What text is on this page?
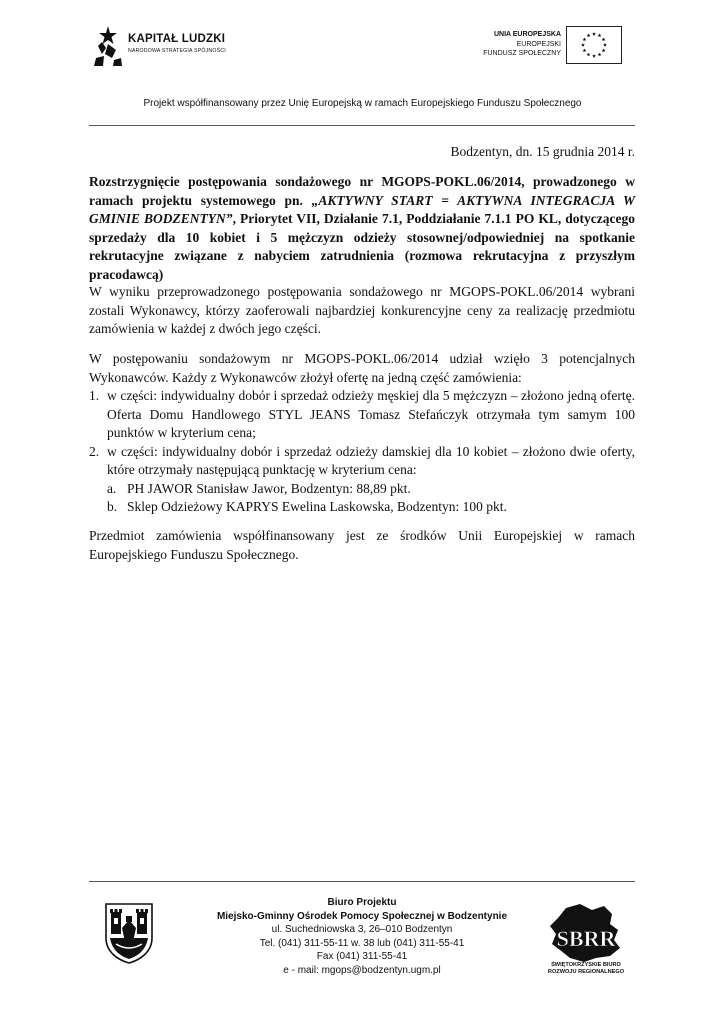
KAPITAŁ LUDZKI
NARODOWA STRATEGIA SPÓJNOŚCI
UNIA EUROPEJSKA
EUROPEJSKI
FUNDUSZ SPOŁECZNY
Projekt współfinansowany przez Unię Europejską w ramach Europejskiego Funduszu Społecznego
Bodzentyn, dn. 15 grudnia 2014 r.
Rozstrzygnięcie postępowania sondażowego nr MGOPS-POKL.06/2014, prowadzonego w ramach projektu systemowego pn. „AKTYWNY START = AKTYWNA INTEGRACJA W GMINIE BODZENTYN”, Priorytet VII, Działanie 7.1, Poddziałanie 7.1.1 PO KL, dotyczącego sprzedaży dla 10 kobiet i 5 mężczyzn odzieży stosownej/odpowiedniej na spotkanie rekrutacyjne związane z nabyciem zatrudnienia (rozmowa rekrutacyjna z przyszłym pracodawcą)
W wyniku przeprowadzonego postępowania sondażowego nr MGOPS-POKL.06/2014 wybrani zostali Wykonawcy, którzy zaoferowali najbardziej konkurencyjne ceny za realizację przedmiotu zamówienia w każdej z dwóch jego części.
W postępowaniu sondażowym nr MGOPS-POKL.06/2014 udział wzięło 3 potencjalnych Wykonawców. Każdy z Wykonawców złożył ofertę na jedną część zamówienia:
1. w części: indywidualny dobór i sprzedaż odzieży męskiej dla 5 mężczyzn – złożono jedną ofertę. Oferta Domu Handlowego STYL JEANS Tomasz Stefańczyk otrzymała tym samym 100 punktów w kryterium cena;
2. w części: indywidualny dobór i sprzedaż odzieży damskiej dla 10 kobiet – złożono dwie oferty, które otrzymały następującą punktację w kryterium cena:
a. PH JAWOR Stanisław Jawor, Bodzentyn: 88,89 pkt.
b. Sklep Odzieżowy KAPRYS Ewelina Laskowska, Bodzentyn: 100 pkt.
Przedmiot zamówienia współfinansowany jest ze środków Unii Europejskiej w ramach Europejskiego Funduszu Społecznego.
Biuro Projektu
Miejsko-Gminny Ośrodek Pomocy Społecznej w Bodzentynie
ul. Suchedniowska 3, 26–010 Bodzentyn
Tel. (041) 311-55-11 w. 38 lub (041) 311-55-41
Fax (041) 311-55-41
e - mail: mgops@bodzentyn.ugm.pl
SBRR
ŚWIĘTOKRZYSKIE BIURO
ROZWOJU REGIONALNEGO
